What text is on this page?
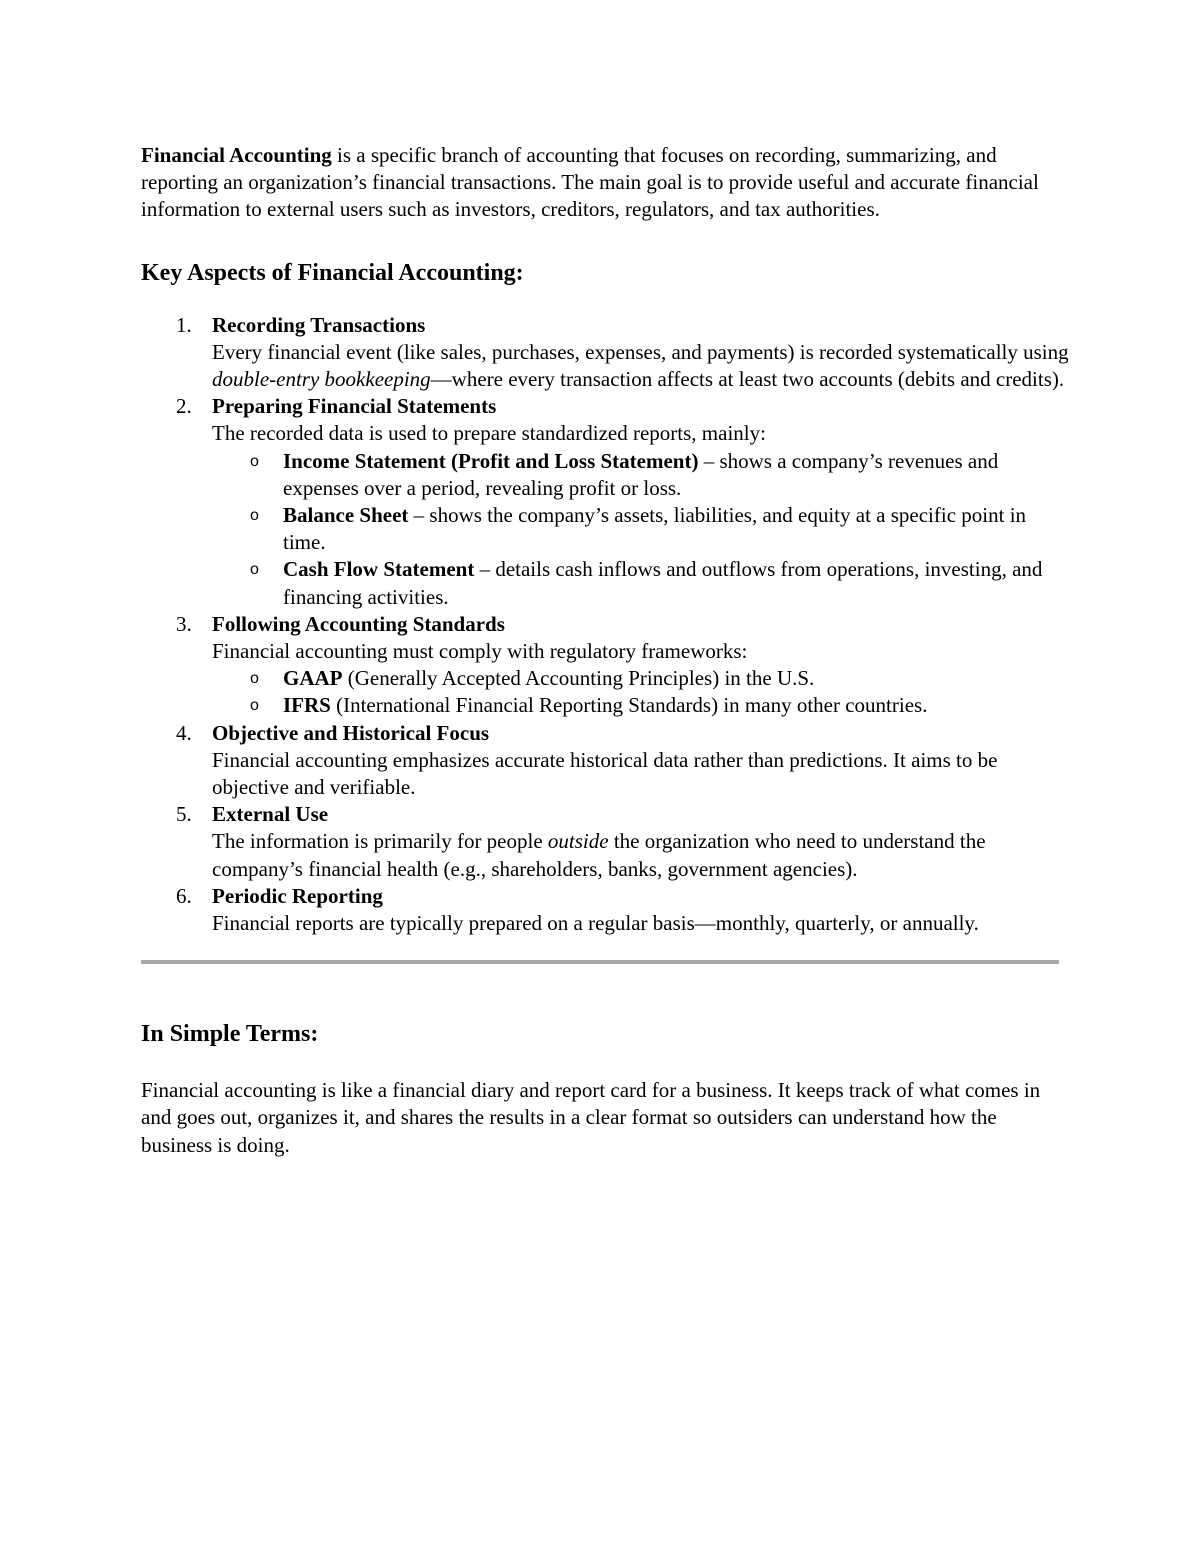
Financial Accounting is a specific branch of accounting that focuses on recording, summarizing, and reporting an organization’s financial transactions. The main goal is to provide useful and accurate financial information to external users such as investors, creditors, regulators, and tax authorities.

Key Aspects of Financial Accounting:
1. Recording Transactions
Every financial event (like sales, purchases, expenses, and payments) is recorded systematically using double-entry bookkeeping—where every transaction affects at least two accounts (debits and credits).
2. Preparing Financial Statements
The recorded data is used to prepare standardized reports, mainly:
o Income Statement (Profit and Loss Statement) – shows a company’s revenues and expenses over a period, revealing profit or loss.
o Balance Sheet – shows the company’s assets, liabilities, and equity at a specific point in time.
o Cash Flow Statement – details cash inflows and outflows from operations, investing, and financing activities.
3. Following Accounting Standards
Financial accounting must comply with regulatory frameworks:
o GAAP (Generally Accepted Accounting Principles) in the U.S.
o IFRS (International Financial Reporting Standards) in many other countries.
4. Objective and Historical Focus
Financial accounting emphasizes accurate historical data rather than predictions. It aims to be objective and verifiable.
5. External Use
The information is primarily for people outside the organization who need to understand the company’s financial health (e.g., shareholders, banks, government agencies).
6. Periodic Reporting
Financial reports are typically prepared on a regular basis—monthly, quarterly, or annually.
In Simple Terms:

Financial accounting is like a financial diary and report card for a business. It keeps track of what comes in and goes out, organizes it, and shares the results in a clear format so outsiders can understand how the business is doing.
